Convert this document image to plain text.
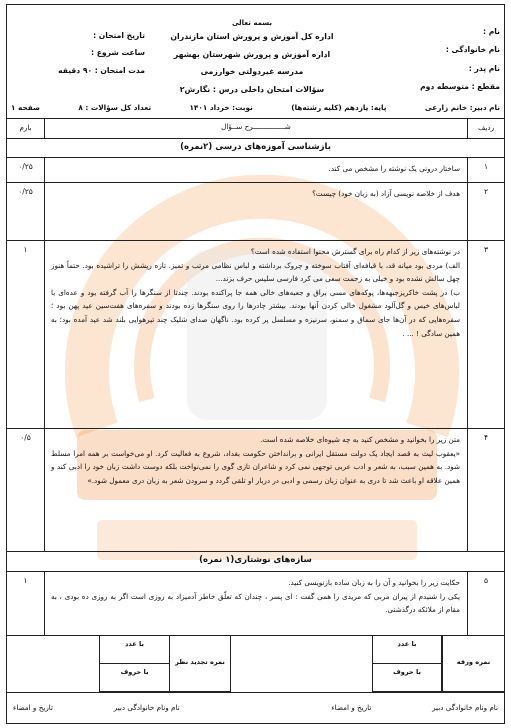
نام :
نام خانوادگی :
نام پدر :
مقطع : متوسطه دوم
بسمه تعالی
اداره کل آموزش و پرورش استان مازندران
اداره آموزش و پرورش شهرستان بهشهر
مدرسه غیردولتی خوارزمی
سؤالات امتحان داخلی درس : نگارش۲
تاریخ امتحان :
ساعت شروع :
مدت امتحان : ۹۰ دقیقه
نام دبیر: خانم زارعی
پایه: یازدهم (کلیه رشته‌ها)
نوبت: خرداد ۱۴۰۱
تعداد کل سؤالات : ۸
صفحه ۱
ردیف
شـــــــــــــــرح ســؤال
بارم
بازشناسی آموزه‌های درسی (۲نمره)
۱
ساختار درونی یک نوشته را مشخص می کند.
۰/۲۵
۲
هدف از خلاصه نویسی آزاد (به زبان خود) چیست؟
۰/۲۵
۳
در نوشته‌های زیر از کدام راه برای گسترش محتوا استفاده شده است؟
الف) مردی بود میانه قد، با قیافه‌ای آفتاب سوخته و چروک برداشته و لباس نظامی مرتب و تمیز. تازه ریشش را تراشیده بود. حتماً هنوز چهل سالش نشده بود و خیلی به زحمت سعی می کرد فارسی سلیس حرف بزند...
ب) در پشت خاکریزجبهه‌ها، پوکه‌های مسی براق و جعبه‌های خالی همه جا پراکنده بودند. چندتا از سنگرها را آب گرفته بود و عده‌ای با لباس‌های خیس و گل‌آلود مشغول خالی کردن آنها بودند. بیشتر چادرها را روی سنگرها زده بودند و سفره‌های هفت‌سین عید پهن بود ؛ سفره‌هایی که در آن‌ها جای سماق و سمنو، سرنیزه و مسلسل پر کرده بود. ناگهان صدای شلیک چند تیرهوایی بلند شد عید آمده بود؛ به همین سادگی ! ... .
۱
۴
متن زیر را بخوانید و مشخص کنید به چه شیوه‌ای خلاصه شده است.
«یعقوب لیث به قصد ایجاد یک دولت مستقل ایرانی و برانداختن حکومت بغداد، شروع به فعالیت کرد. او می‌خواست بر همه امرا مسلط شود. به همین سبب، به شعر و ادب عربی توجهی نمی کرد و شاعران تازی گوی را نمی‌نواخت بلکه دوست داشت زبان خود را ادبی کند و همین علاقه او باعث شد تا دری به عنوان زبان رسمی و ادبی در دربار او تلقی گردد و سرودن شعر به زبان دری معمول شود.»
۰/۵
سازه‌های نوشتاری(۱ نمره)
۵
حکایت زیر را بخوانید و آن را به زبان ساده بازنویسی کنید.
یکی را شنیدم از پیران مربی که مریدی را همی گفت : ای پسر ، چندان که تعلّق خاطر آدمیزاد به روزی است اگر به روزی ده بودی ، به مقام از ملائکه درگذشتی.
۱
نمره ورقه
با عدد
با حروف
نمره تجدید نظر
با عدد
با حروف
نام ونام خانوادگی دبیر
تاریخ و امضاء
نام ونام خانوادگی دبیر
تاریخ و امضاء
